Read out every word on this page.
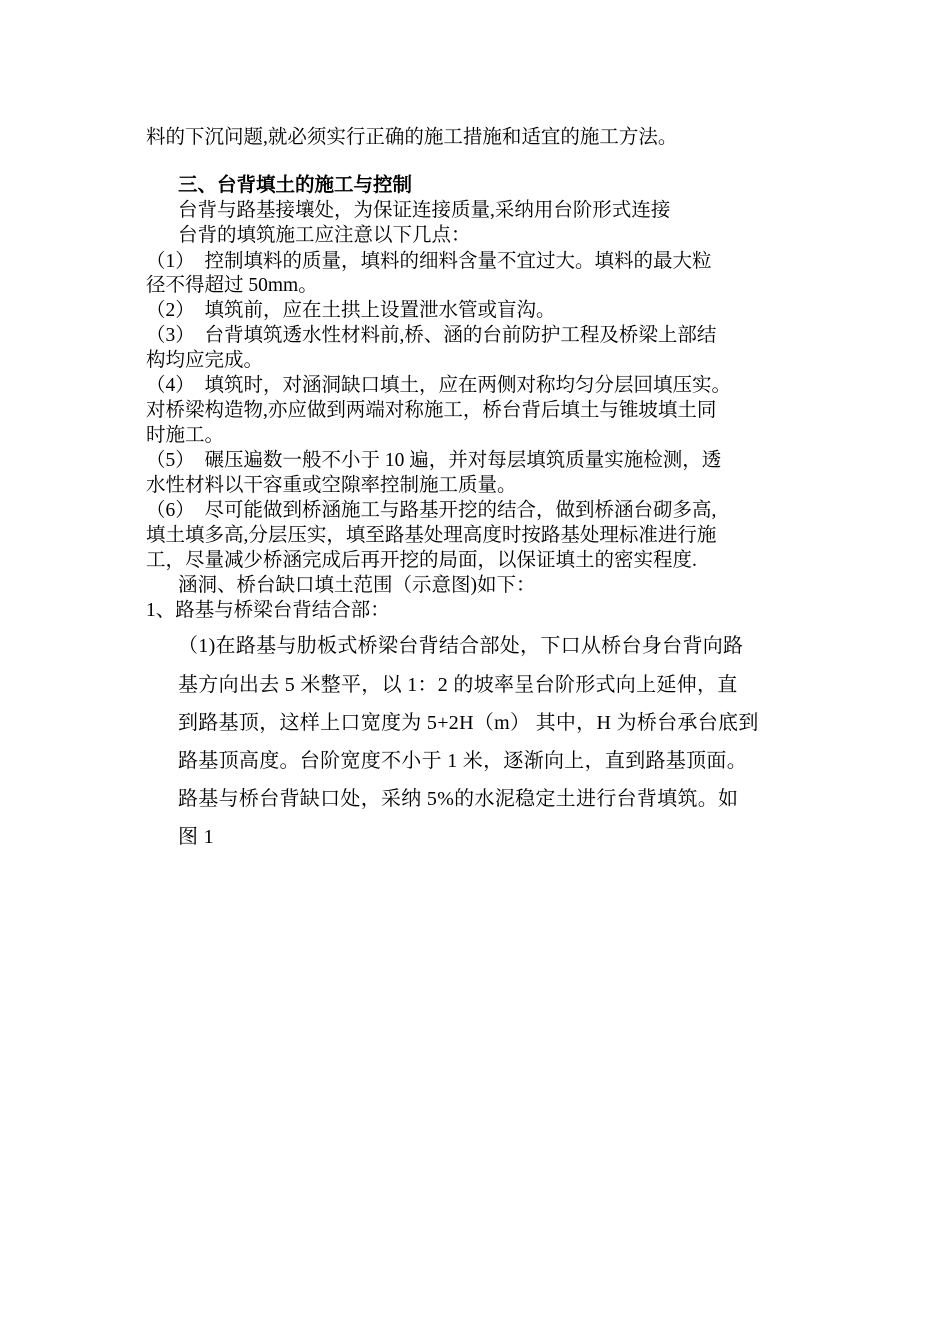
料的下沉问题,就必须实行正确的施工措施和适宜的施工方法。
三、台背填土的施工与控制
台背与路基接壤处，为保证连接质量,采纳用台阶形式连接
台背的填筑施工应注意以下几点：
（1）　控制填料的质量，填料的细料含量不宜过大。填料的最大粒
径不得超过 50mm。
（2）　填筑前，应在土拱上设置泄水管或盲沟。
（3）　台背填筑透水性材料前,桥、涵的台前防护工程及桥梁上部结
构均应完成。
（4）　填筑时，对涵洞缺口填土，应在两侧对称均匀分层回填压实。
对桥梁构造物,亦应做到两端对称施工，桥台背后填土与锥坡填土同
时施工。
（5）　碾压遍数一般不小于 10 遍，并对每层填筑质量实施检测，透
水性材料以干容重或空隙率控制施工质量。
（6）　尽可能做到桥涵施工与路基开挖的结合，做到桥涵台砌多高,
填土填多高,分层压实，填至路基处理高度时按路基处理标准进行施
工，尽量减少桥涵完成后再开挖的局面，以保证填土的密实程度.
涵洞、桥台缺口填土范围（示意图)如下：
1、路基与桥梁台背结合部：
（1)在路基与肋板式桥梁台背结合部处，下口从桥台身台背向路
基方向出去 5 米整平，以 1：2 的坡率呈台阶形式向上延伸，直
到路基顶，这样上口宽度为 5+2H（m） 其中，H 为桥台承台底到
路基顶高度。台阶宽度不小于 1 米，逐渐向上，直到路基顶面。
路基与桥台背缺口处，采纳 5%的水泥稳定土进行台背填筑。如
图 1
